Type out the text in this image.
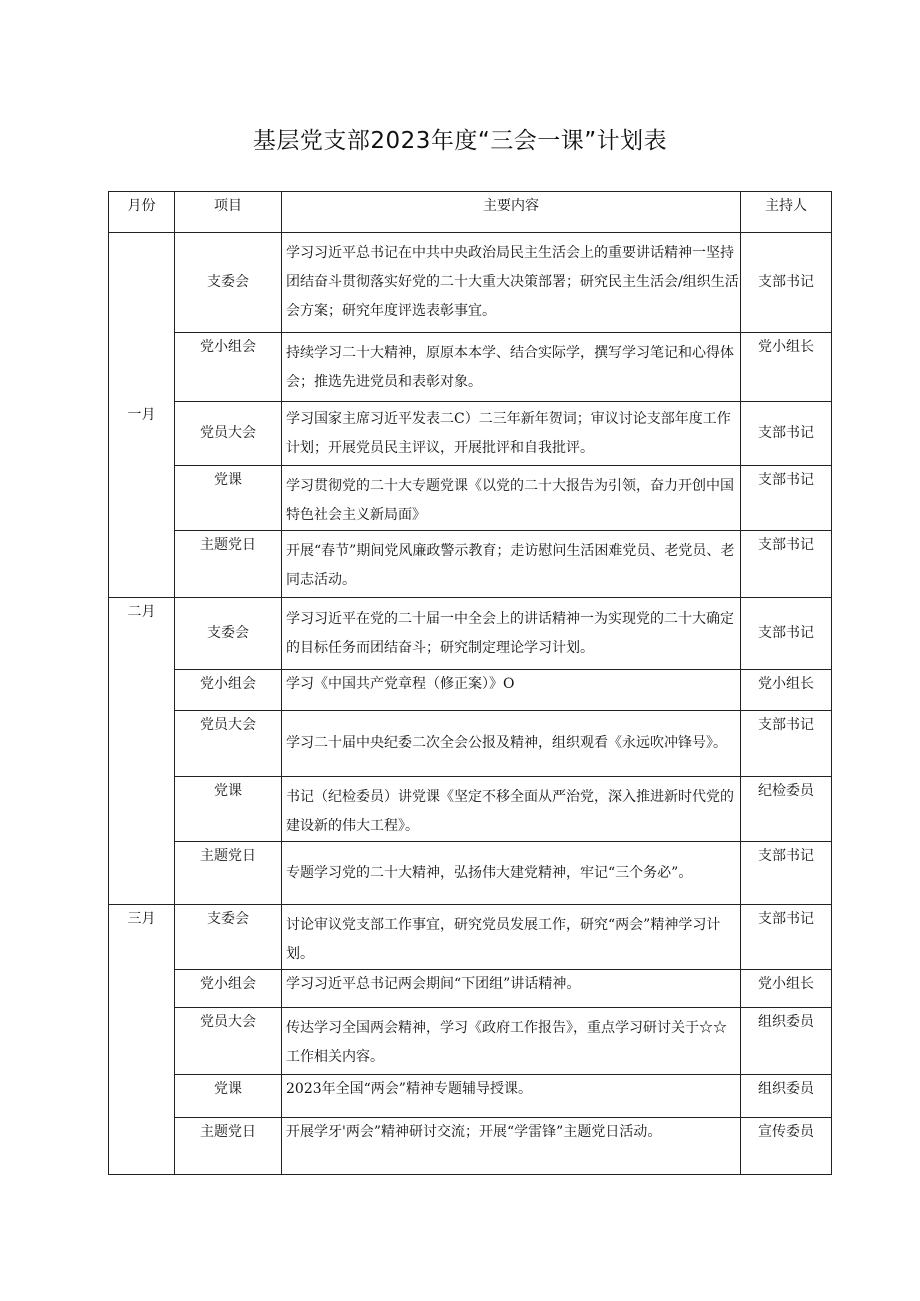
基层党支部2023年度“三会一课”计划表
月份	项目	主要内容	主持人
一月	支委会	学习习近平总书记在中共中央政治局民主生活会上的重要讲话精神一坚持团结奋斗贯彻落实好党的二十大重大决策部署；研究民主生活会/组织生活会方案；研究年度评选表彰事宜。	支部书记
	党小组会	持续学习二十大精神，原原本本学、结合实际学，撰写学习笔记和心得体会；推选先进党员和表彰对象。	党小组长
	党员大会	学习国家主席习近平发表二C）二三年新年贺词；审议讨论支部年度工作计划；开展党员民主评议，开展批评和自我批评。	支部书记
	党课	学习贯彻党的二十大专题党课《以党的二十大报告为引领，奋力开创中国特色社会主义新局面》	支部书记
	主题党日	开展“春节”期间党风廉政警示教育；走访慰问生活困难党员、老党员、老同志活动。	支部书记
二月	支委会	学习习近平在党的二十届一中全会上的讲话精神一为实现党的二十大确定的目标任务而团结奋斗；研究制定理论学习计划。	支部书记
	党小组会	学习《中国共产党章程（修正案）》O	党小组长
	党员大会	学习二十届中央纪委二次全会公报及精神，组织观看《永远吹冲锋号》。	支部书记
	党课	书记（纪检委员）讲党课《坚定不移全面从严治党，深入推进新时代党的建设新的伟大工程》。	纪检委员
	主题党日	专题学习党的二十大精神，弘扬伟大建党精神，牢记“三个务必”。	支部书记
三月	支委会	讨论审议党支部工作事宜，研究党员发展工作，研究“两会”精神学习计划。	支部书记
	党小组会	学习习近平总书记两会期间“下团组”讲话精神。	党小组长
	党员大会	传达学习全国两会精神，学习《政府工作报告》，重点学习研讨关于☆☆工作相关内容。	组织委员
	党课	2023年全国“两会”精神专题辅导授课。	组织委员
	主题党日	开展学牙'两会”精神研讨交流；开展“学雷锋”主题党日活动。	宣传委员
